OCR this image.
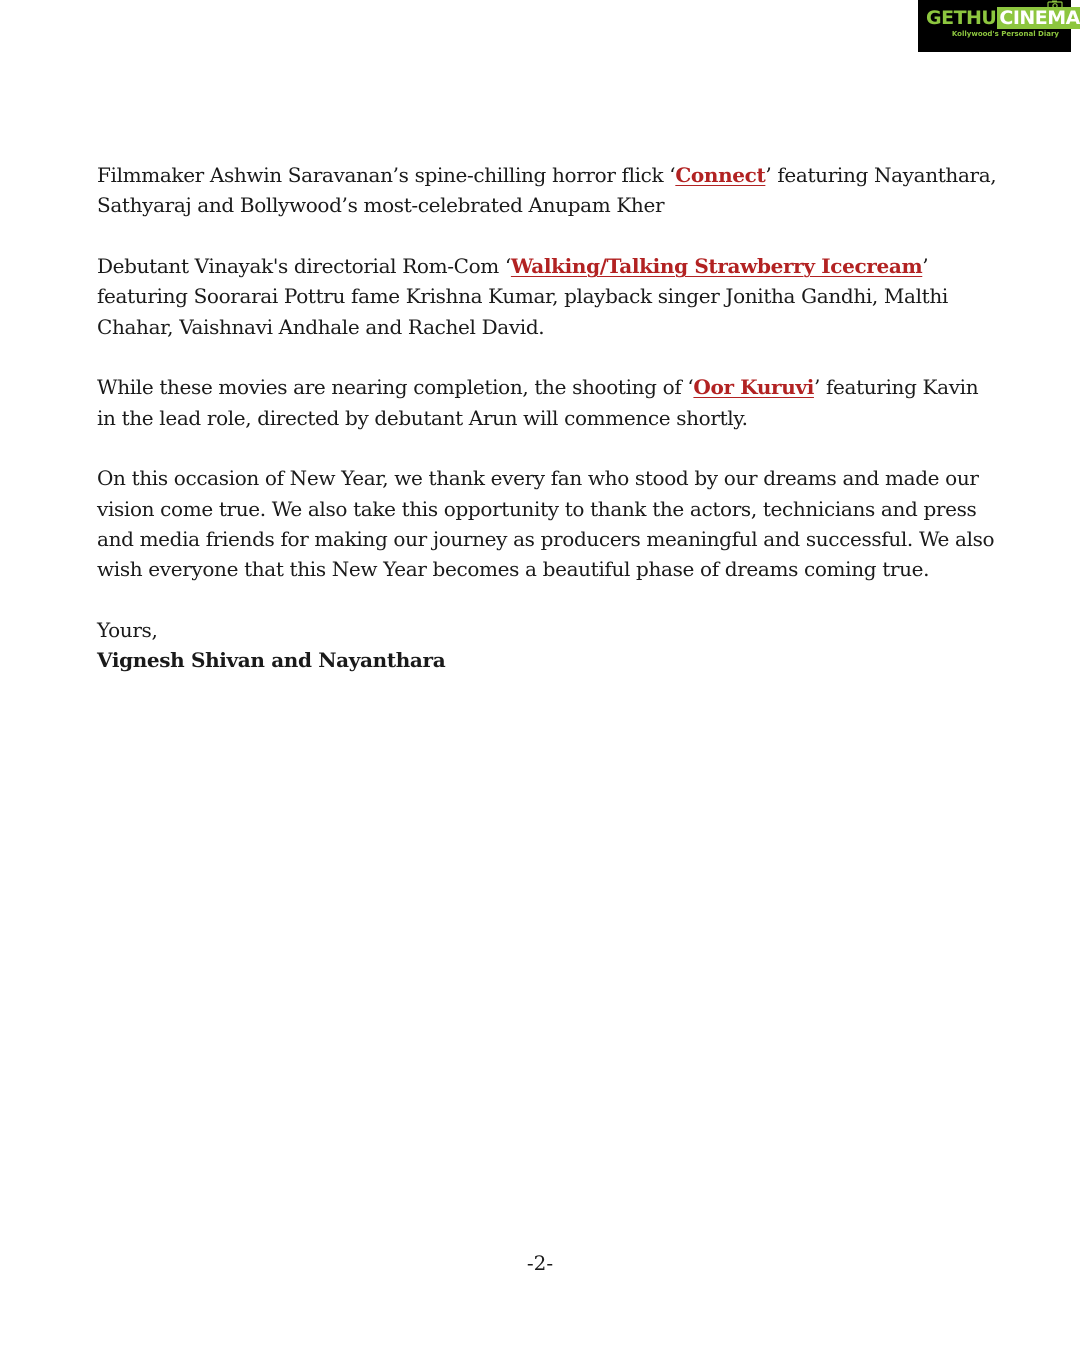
GETHU CINEMA
Kollywood's Personal Diary

Filmmaker Ashwin Saravanan’s spine-chilling horror flick ‘Connect’ featuring Nayanthara, Sathyaraj and Bollywood’s most-celebrated Anupam Kher

Debutant Vinayak's directorial Rom-Com ‘Walking/Talking Strawberry Icecream’ featuring Soorarai Pottru fame Krishna Kumar, playback singer Jonitha Gandhi, Malthi Chahar, Vaishnavi Andhale and Rachel David.

While these movies are nearing completion, the shooting of ‘Oor Kuruvi’ featuring Kavin in the lead role, directed by debutant Arun will commence shortly.

On this occasion of New Year, we thank every fan who stood by our dreams and made our vision come true. We also take this opportunity to thank the actors, technicians and press and media friends for making our journey as producers meaningful and successful. We also wish everyone that this New Year becomes a beautiful phase of dreams coming true.

Yours,

Vignesh Shivan and Nayanthara

-2-
